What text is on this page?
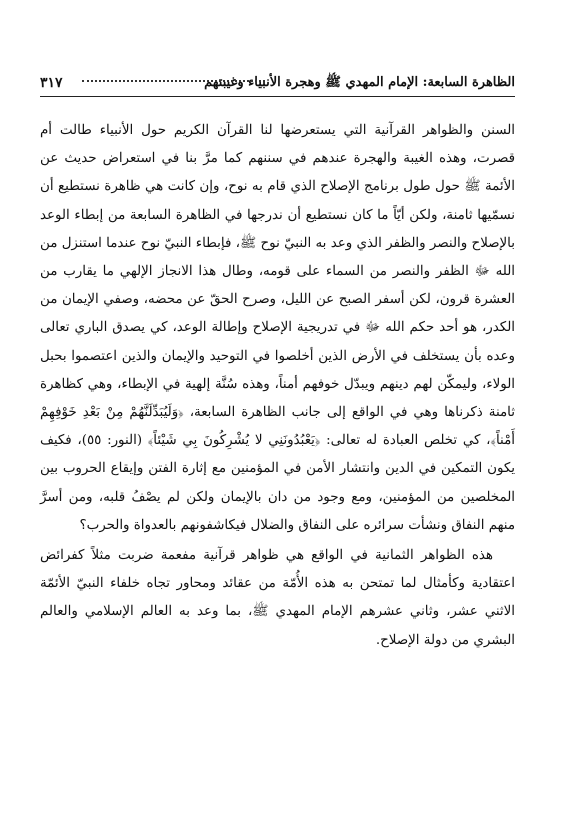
الظاهرة السابعة: الإمام المهدي ﷺ وهجرة الأنبياء وغيبتهم
٣١٧

السنن والظواهر القرآنية التي يستعرضها لنا القرآن الكريم حول الأنبياء طالت أم قصرت، وهذه الغيبة والهجرة عندهم في سننهم كما مرَّ بنا في استعراض حديث عن الأئمة ﷺ حول طول برنامج الإصلاح الذي قام به نوح، وإن كانت هي ظاهرة نستطيع أن نسمّيها ثامنة، ولكن أيّاً ما كان نستطيع أن ندرجها في الظاهرة السابعة من إبطاء الوعد بالإصلاح والنصر والظفر الذي وعد به النبيّ نوح ﷺ، فإبطاء النبيّ نوح عندما استنزل من الله ﷻ الظفر والنصر من السماء على قومه، وطال هذا الانجاز الإلهي ما يقارب من العشرة قرون، لكن أسفر الصبح عن الليل، وصرح الحقّ عن محضه، وصفي الإيمان من الكدر، هو أحد حكم الله ﷻ في تدريجية الإصلاح وإطالة الوعد، كي يصدق الباري تعالى وعده بأن يستخلف في الأرض الذين أخلصوا في التوحيد والإيمان والذين اعتصموا بحبل الولاء، وليمكّن لهم دينهم ويبدّل خوفهم أمناً، وهذه سُنَّة إلهية في الإبطاء، وهي كظاهرة ثامنة ذكرناها وهي في الواقع إلى جانب الظاهرة السابعة، ﴿وَلَيُبَدِّلَنَّهُمْ مِنْ بَعْدِ خَوْفِهِمْ أَمْناً﴾، كي تخلص العبادة له تعالى: ﴿يَعْبُدُونَنِي لا يُشْرِكُونَ بِي شَيْئاً﴾ (النور: ٥٥)، فكيف يكون التمكين في الدين وانتشار الأمن في المؤمنين مع إثارة الفتن وإيقاع الحروب بين المخلصين من المؤمنين، ومع وجود من دان بالإيمان ولكن لم يصْفُ قلبه، ومن أسرَّ منهم النفاق ونشأت سرائره على النفاق والضلال فيكاشفونهم بالعدواة والحرب؟

هذه الظواهر الثمانية في الواقع هي ظواهر قرآنية مفعمة ضربت مثلاً كفرائض اعتقادية وكأمثال لما تمتحن به هذه الأُمّة من عقائد ومحاور تجاه خلفاء النبيّ الأئمّة الاثني عشر، وثاني عشرهم الإمام المهدي ﷺ، بما وعد به العالم الإسلامي والعالم البشري من دولة الإصلاح.
